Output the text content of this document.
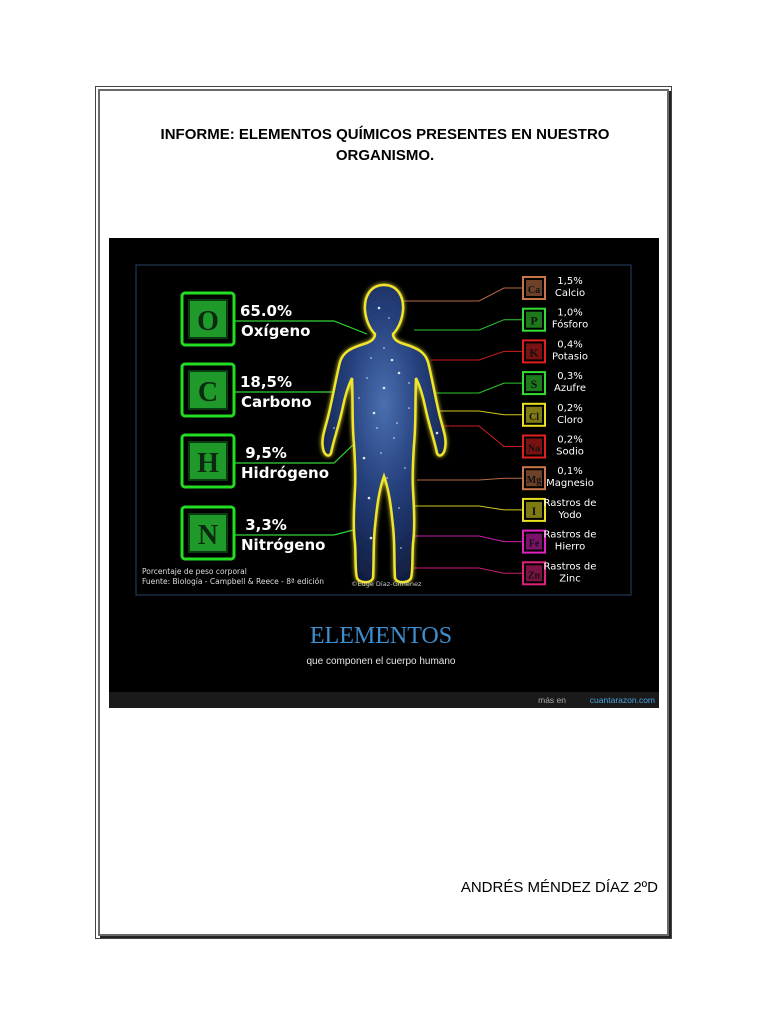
INFORME: ELEMENTOS QUÍMICOS PRESENTES EN NUESTRO
ORGANISMO.
O 65.0%
Oxígeno
C 18,5%
Carbono
H 9,5%
Hidrógeno
N 3,3%
Nitrógeno
Ca
1,5%
Calcio
P
1,0%
Fósforo
K
0,4%
Potasio
S
0,3%
Azufre
Cl
0,2%
Cloro
Na
0,2%
Sodio
Mg
0,1%
Magnesio
I
Rastros de
Yodo
Fe
Rastros de
Hierro
Zn
Rastros de
Zinc
Porcentaje de peso corporal
Fuente: Biología - Campbell & Reece - 8ª edición	©Euge Díaz-Giménez
ELEMENTOS
que componen el cuerpo humano
más en	cuantarazon.com
ANDRÉS MÉNDEZ DÍAZ 2ºD
